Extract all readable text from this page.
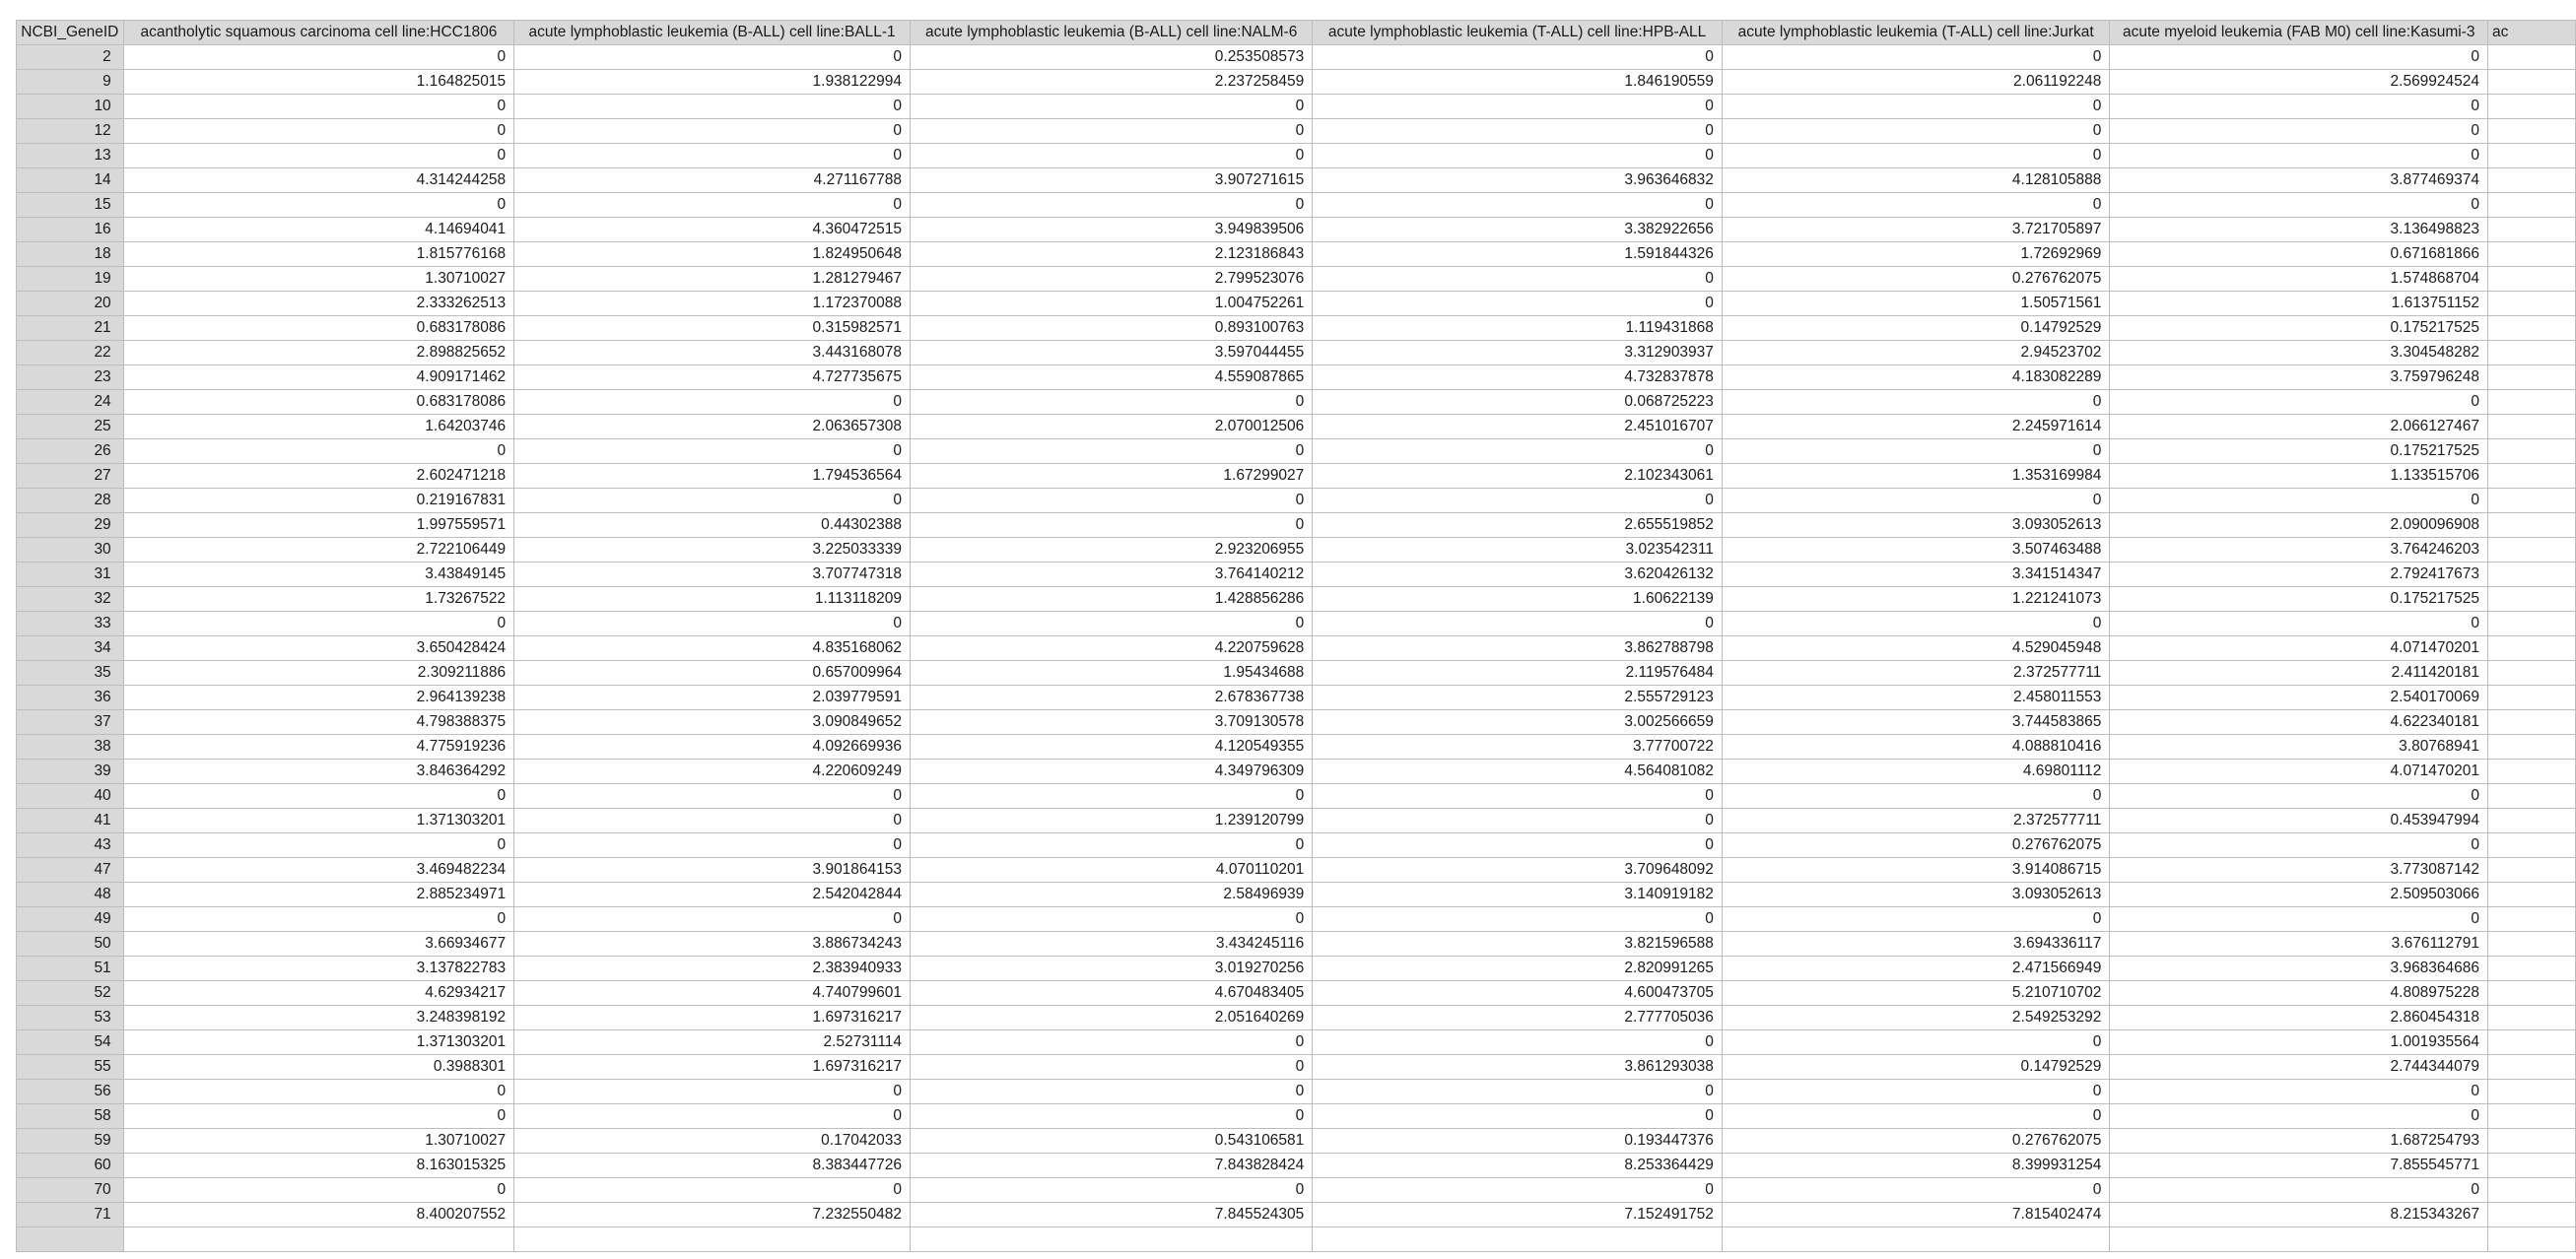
NCBI_GeneID	acantholytic squamous carcinoma cell line:HCC1806	acute lymphoblastic leukemia (B-ALL) cell line:BALL-1	acute lymphoblastic leukemia (B-ALL) cell line:NALM-6	acute lymphoblastic leukemia (T-ALL) cell line:HPB-ALL	acute lymphoblastic leukemia (T-ALL) cell line:Jurkat	acute myeloid leukemia (FAB M0) cell line:Kasumi-3	ac
2	0	0	0.253508573	0	0	0	
9	1.164825015	1.938122994	2.237258459	1.846190559	2.061192248	2.569924524	
10	0	0	0	0	0	0	
12	0	0	0	0	0	0	
13	0	0	0	0	0	0	
14	4.314244258	4.271167788	3.907271615	3.963646832	4.128105888	3.877469374	
15	0	0	0	0	0	0	
16	4.14694041	4.360472515	3.949839506	3.382922656	3.721705897	3.136498823	
18	1.815776168	1.824950648	2.123186843	1.591844326	1.72692969	0.671681866	
19	1.30710027	1.281279467	2.799523076	0	0.276762075	1.574868704	
20	2.333262513	1.172370088	1.004752261	0	1.50571561	1.613751152	
21	0.683178086	0.315982571	0.893100763	1.119431868	0.14792529	0.175217525	
22	2.898825652	3.443168078	3.597044455	3.312903937	2.94523702	3.304548282	
23	4.909171462	4.727735675	4.559087865	4.732837878	4.183082289	3.759796248	
24	0.683178086	0	0	0.068725223	0	0	
25	1.64203746	2.063657308	2.070012506	2.451016707	2.245971614	2.066127467	
26	0	0	0	0	0	0.175217525	
27	2.602471218	1.794536564	1.67299027	2.102343061	1.353169984	1.133515706	
28	0.219167831	0	0	0	0	0	
29	1.997559571	0.44302388	0	2.655519852	3.093052613	2.090096908	
30	2.722106449	3.225033339	2.923206955	3.023542311	3.507463488	3.764246203	
31	3.43849145	3.707747318	3.764140212	3.620426132	3.341514347	2.792417673	
32	1.73267522	1.113118209	1.428856286	1.60622139	1.221241073	0.175217525	
33	0	0	0	0	0	0	
34	3.650428424	4.835168062	4.220759628	3.862788798	4.529045948	4.071470201	
35	2.309211886	0.657009964	1.95434688	2.119576484	2.372577711	2.411420181	
36	2.964139238	2.039779591	2.678367738	2.555729123	2.458011553	2.540170069	
37	4.798388375	3.090849652	3.709130578	3.002566659	3.744583865	4.622340181	
38	4.775919236	4.092669936	4.120549355	3.77700722	4.088810416	3.80768941	
39	3.846364292	4.220609249	4.349796309	4.564081082	4.69801112	4.071470201	
40	0	0	0	0	0	0	
41	1.371303201	0	1.239120799	0	2.372577711	0.453947994	
43	0	0	0	0	0.276762075	0	
47	3.469482234	3.901864153	4.070110201	3.709648092	3.914086715	3.773087142	
48	2.885234971	2.542042844	2.58496939	3.140919182	3.093052613	2.509503066	
49	0	0	0	0	0	0	
50	3.66934677	3.886734243	3.434245116	3.821596588	3.694336117	3.676112791	
51	3.137822783	2.383940933	3.019270256	2.820991265	2.471566949	3.968364686	
52	4.62934217	4.740799601	4.670483405	4.600473705	5.210710702	4.808975228	
53	3.248398192	1.697316217	2.051640269	2.777705036	2.549253292	2.860454318	
54	1.371303201	2.52731114	0	0	0	1.001935564	
55	0.3988301	1.697316217	0	3.861293038	0.14792529	2.744344079	
56	0	0	0	0	0	0	
58	0	0	0	0	0	0	
59	1.30710027	0.17042033	0.543106581	0.193447376	0.276762075	1.687254793	
60	8.163015325	8.383447726	7.843828424	8.253364429	8.399931254	7.855545771	
70	0	0	0	0	0	0	
71	8.400207552	7.232550482	7.845524305	7.152491752	7.815402474	8.215343267	
